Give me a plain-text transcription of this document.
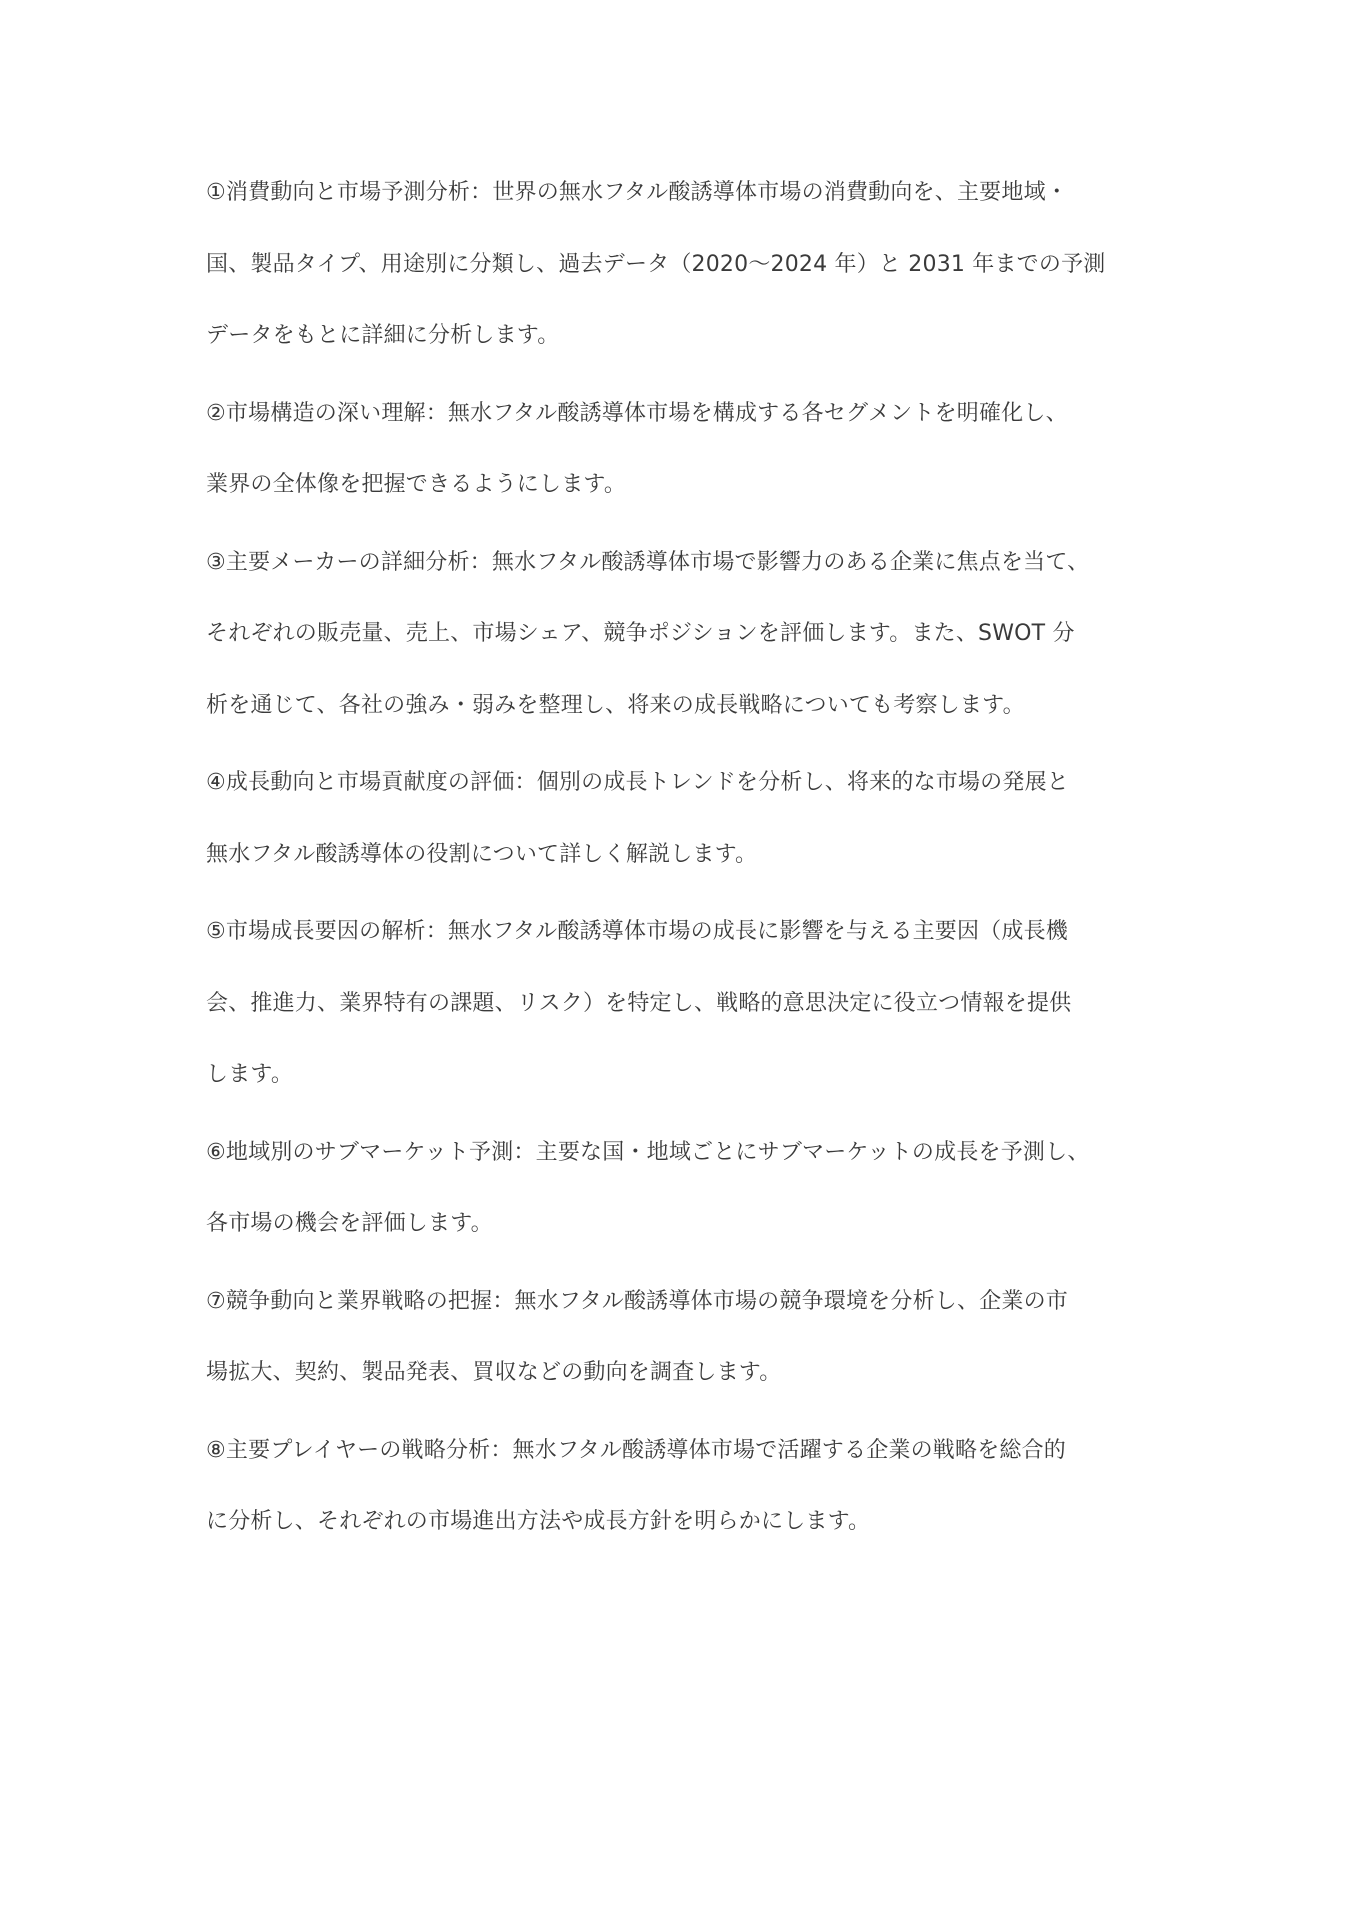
①消費動向と市場予測分析：世界の無水フタル酸誘導体市場の消費動向を、主要地域・
国、製品タイプ、用途別に分類し、過去データ（2020～2024 年）と 2031 年までの予測
データをもとに詳細に分析します。
②市場構造の深い理解：無水フタル酸誘導体市場を構成する各セグメントを明確化し、
業界の全体像を把握できるようにします。
③主要メーカーの詳細分析：無水フタル酸誘導体市場で影響力のある企業に焦点を当て、
それぞれの販売量、売上、市場シェア、競争ポジションを評価します。また、SWOT 分
析を通じて、各社の強み・弱みを整理し、将来の成長戦略についても考察します。
④成長動向と市場貢献度の評価：個別の成長トレンドを分析し、将来的な市場の発展と
無水フタル酸誘導体の役割について詳しく解説します。
⑤市場成長要因の解析：無水フタル酸誘導体市場の成長に影響を与える主要因（成長機
会、推進力、業界特有の課題、リスク）を特定し、戦略的意思決定に役立つ情報を提供
します。
⑥地域別のサブマーケット予測：主要な国・地域ごとにサブマーケットの成長を予測し、
各市場の機会を評価します。
⑦競争動向と業界戦略の把握：無水フタル酸誘導体市場の競争環境を分析し、企業の市
場拡大、契約、製品発表、買収などの動向を調査します。
⑧主要プレイヤーの戦略分析：無水フタル酸誘導体市場で活躍する企業の戦略を総合的
に分析し、それぞれの市場進出方法や成長方針を明らかにします。
